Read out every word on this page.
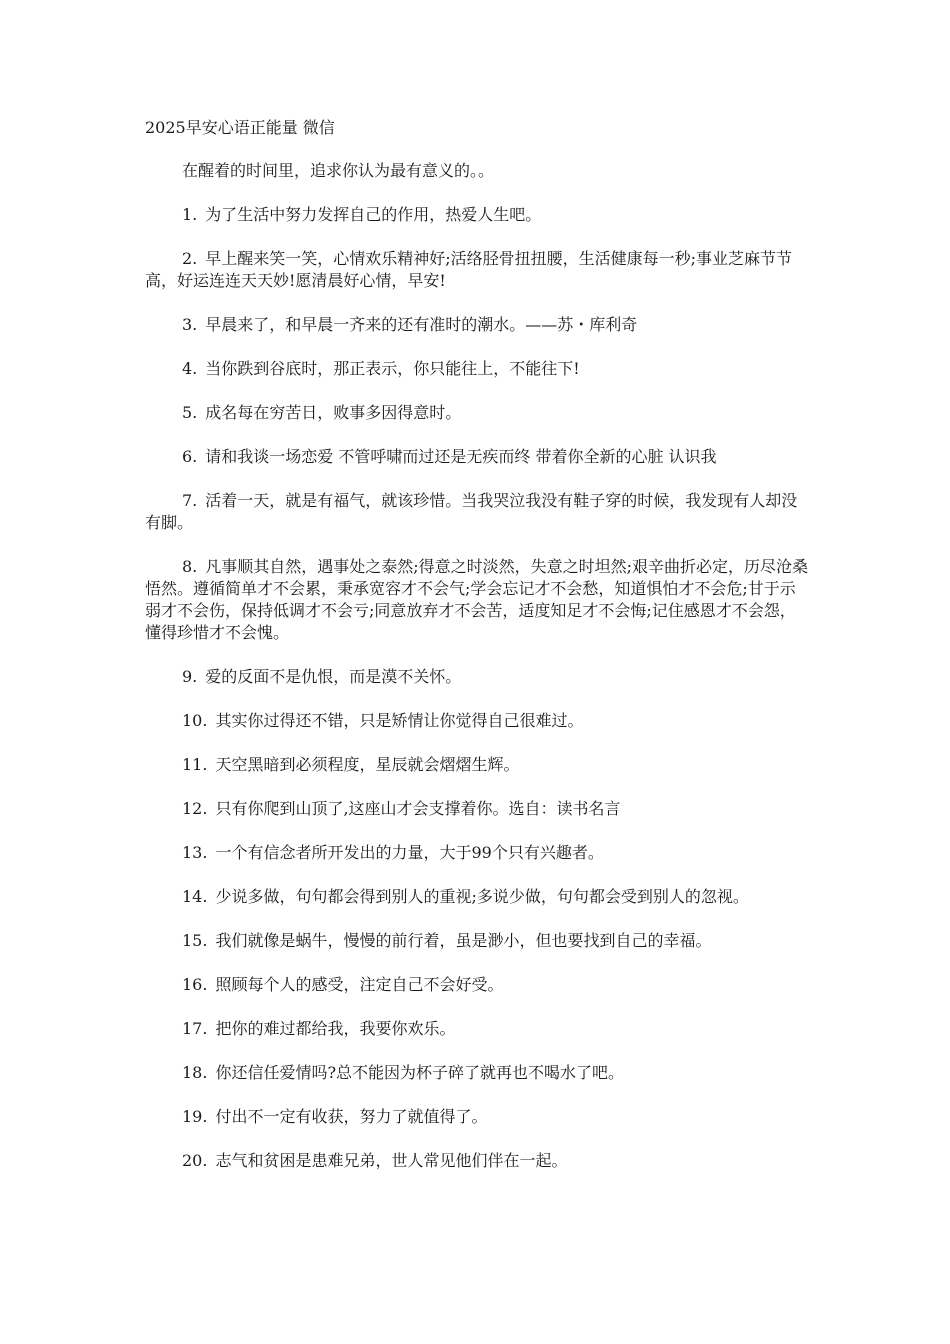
2025早安心语正能量 微信

在醒着的时间里，追求你认为最有意义的。。

1. 为了生活中努力发挥自己的作用，热爱人生吧。
2. 早上醒来笑一笑，心情欢乐精神好;活络胫骨扭扭腰，生活健康每一秒;事业芝麻节节高，好运连连天天妙!愿清晨好心情，早安!
3. 早晨来了，和早晨一齐来的还有准时的潮水。——苏・库利奇
4. 当你跌到谷底时，那正表示，你只能往上，不能往下!
5. 成名每在穷苦日，败事多因得意时。
6. 请和我谈一场恋爱 不管呼啸而过还是无疾而终 带着你全新的心脏 认识我
7. 活着一天，就是有福气，就该珍惜。当我哭泣我没有鞋子穿的时候，我发现有人却没有脚。
8. 凡事顺其自然，遇事处之泰然;得意之时淡然，失意之时坦然;艰辛曲折必定，历尽沧桑悟然。遵循简单才不会累，秉承宽容才不会气;学会忘记才不会愁，知道惧怕才不会危;甘于示弱才不会伤，保持低调才不会亏;同意放弃才不会苦，适度知足才不会悔;记住感恩才不会怨，懂得珍惜才不会愧。
9. 爱的反面不是仇恨，而是漠不关怀。
10. 其实你过得还不错，只是矫情让你觉得自己很难过。
11. 天空黑暗到必须程度，星辰就会熠熠生辉。
12. 只有你爬到山顶了,这座山才会支撑着你。选自：读书名言
13. 一个有信念者所开发出的力量，大于99个只有兴趣者。
14. 少说多做，句句都会得到别人的重视;多说少做，句句都会受到别人的忽视。
15. 我们就像是蜗牛，慢慢的前行着，虽是渺小，但也要找到自己的幸福。
16. 照顾每个人的感受，注定自己不会好受。
17. 把你的难过都给我，我要你欢乐。
18. 你还信任爱情吗?总不能因为杯子碎了就再也不喝水了吧。
19. 付出不一定有收获，努力了就值得了。
20. 志气和贫困是患难兄弟，世人常见他们伴在一起。
